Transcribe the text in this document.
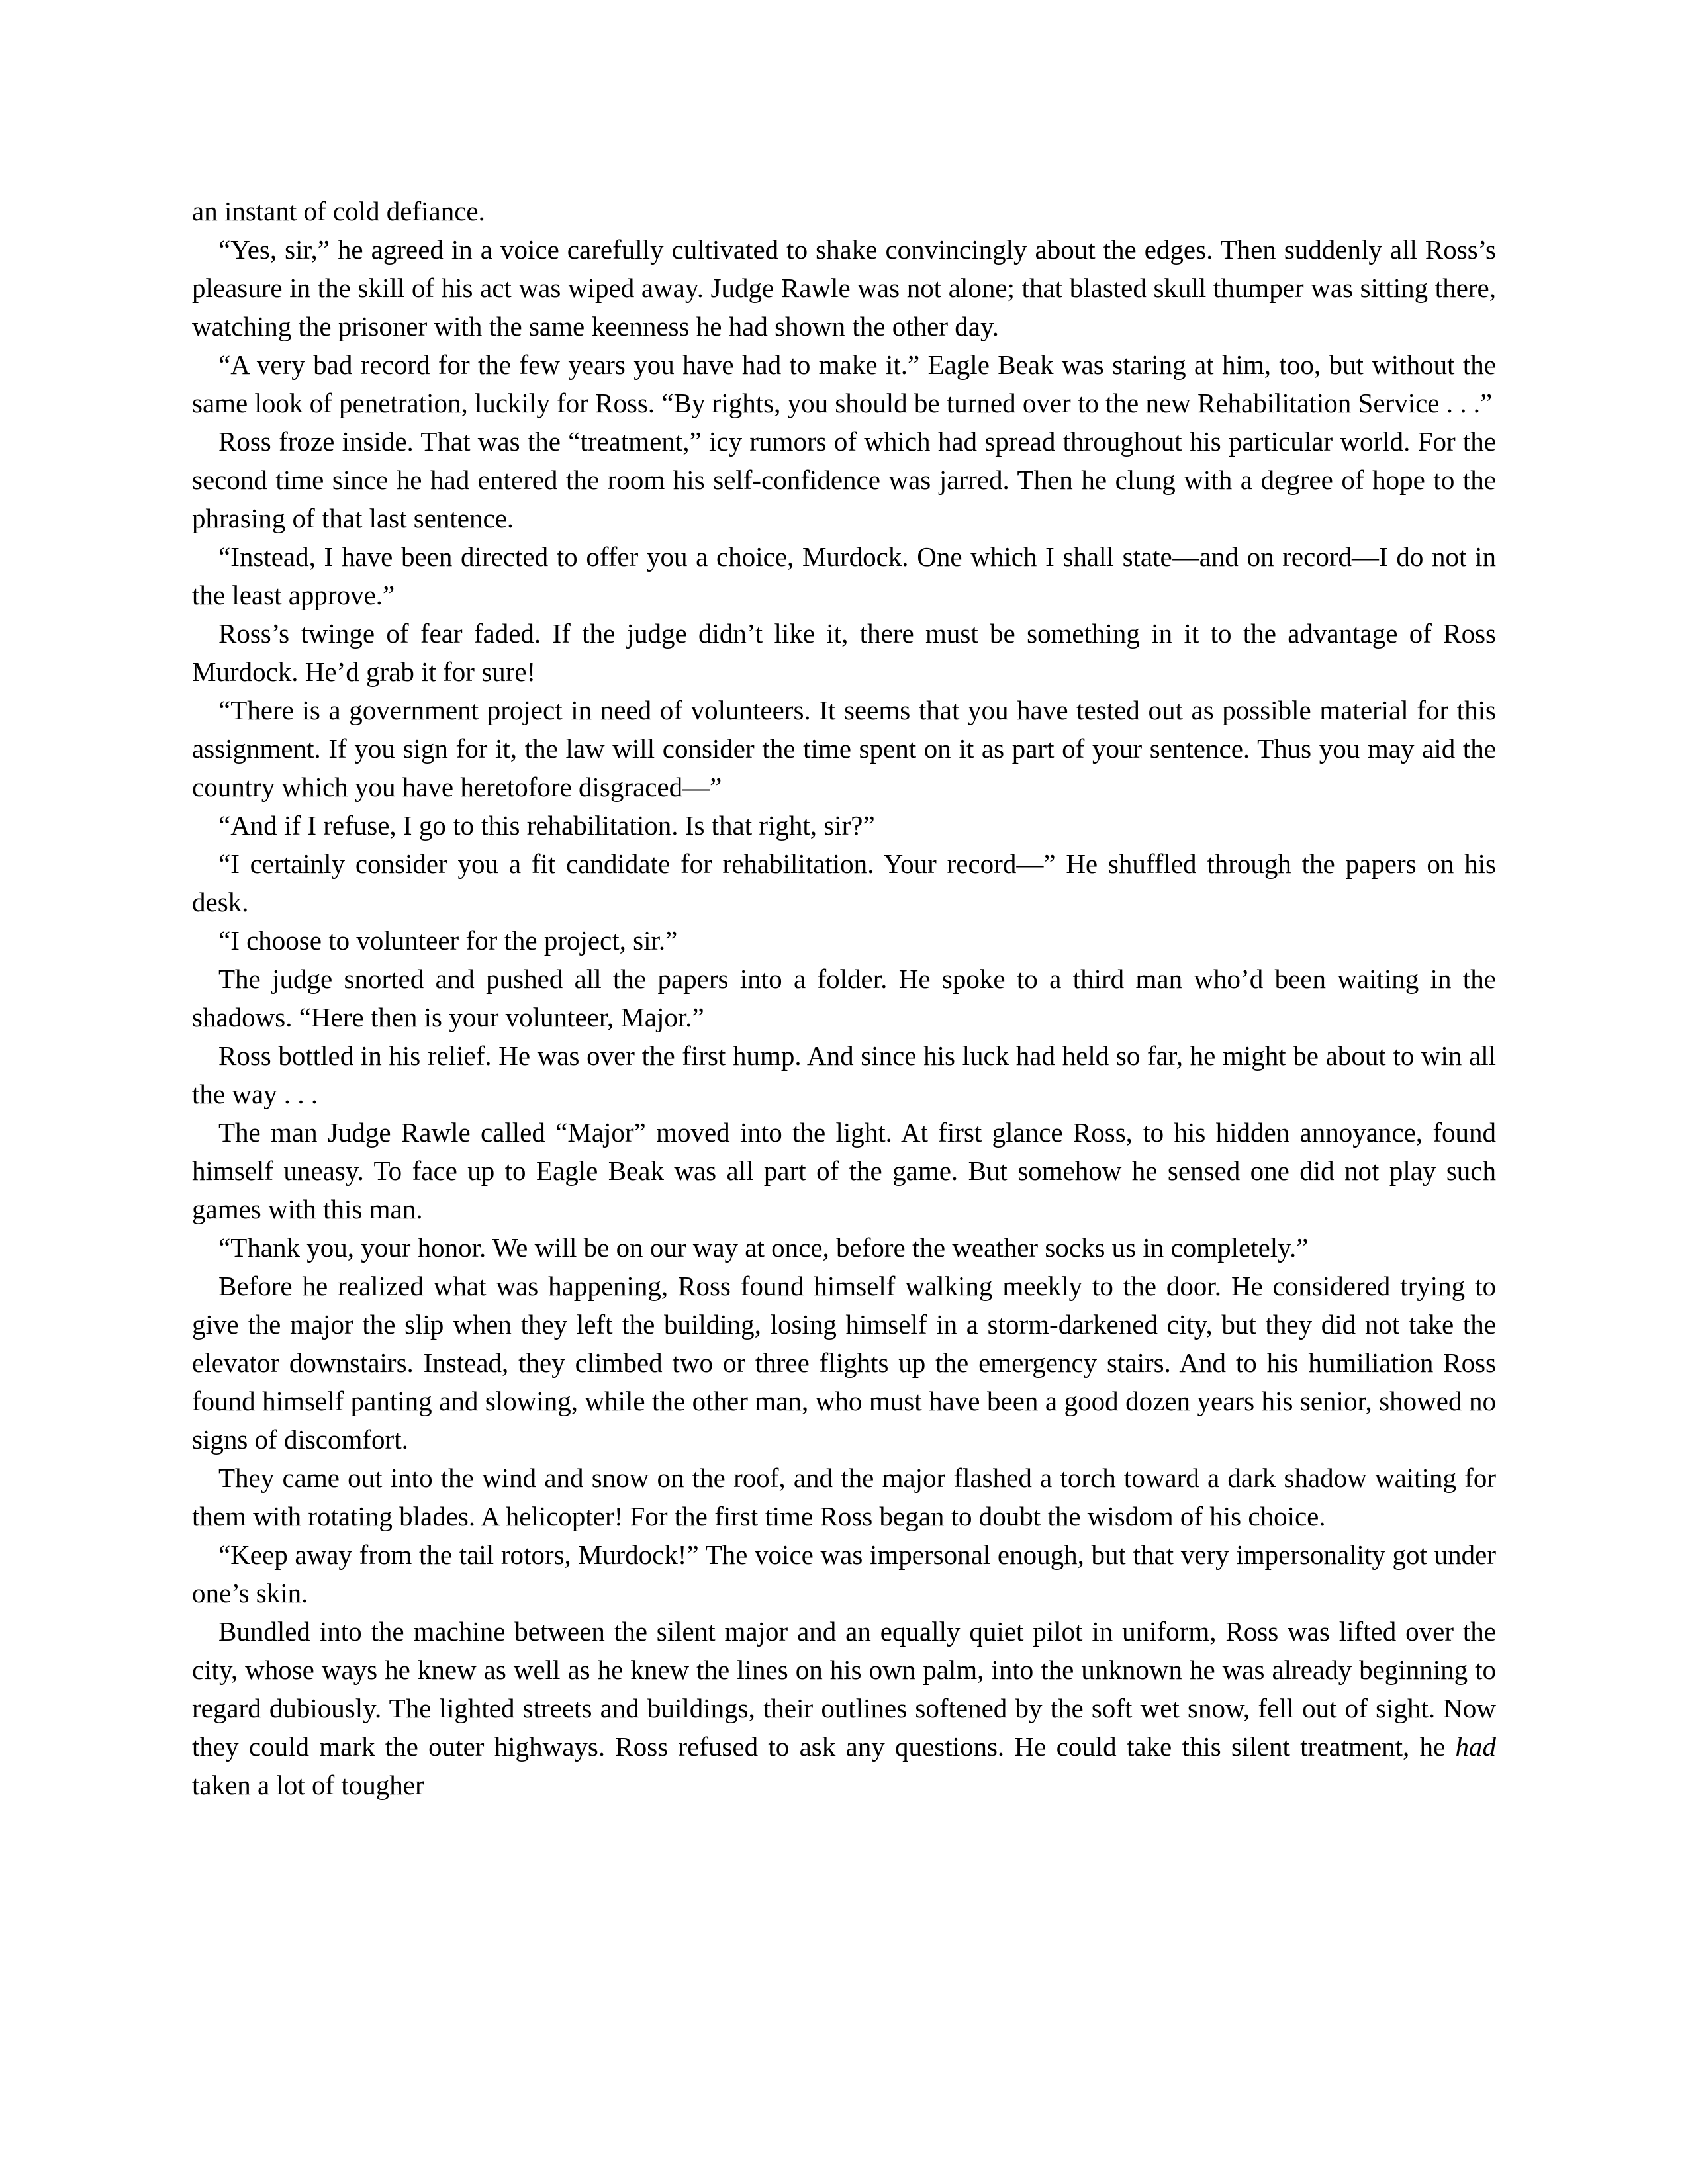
an instant of cold defiance.

“Yes, sir,” he agreed in a voice carefully cultivated to shake convincingly about the edges. Then suddenly all Ross’s pleasure in the skill of his act was wiped away. Judge Rawle was not alone; that blasted skull thumper was sitting there, watching the prisoner with the same keenness he had shown the other day.

“A very bad record for the few years you have had to make it.” Eagle Beak was staring at him, too, but without the same look of penetration, luckily for Ross. “By rights, you should be turned over to the new Rehabilitation Service . . .”

Ross froze inside. That was the “treatment,” icy rumors of which had spread throughout his particular world. For the second time since he had entered the room his self-confidence was jarred. Then he clung with a degree of hope to the phrasing of that last sentence.

“Instead, I have been directed to offer you a choice, Murdock. One which I shall state—and on record—I do not in the least approve.”

Ross’s twinge of fear faded. If the judge didn’t like it, there must be something in it to the advantage of Ross Murdock. He’d grab it for sure!

“There is a government project in need of volunteers. It seems that you have tested out as possible material for this assignment. If you sign for it, the law will consider the time spent on it as part of your sentence. Thus you may aid the country which you have heretofore disgraced—”

“And if I refuse, I go to this rehabilitation. Is that right, sir?”

“I certainly consider you a fit candidate for rehabilitation. Your record—” He shuffled through the papers on his desk.

“I choose to volunteer for the project, sir.”

The judge snorted and pushed all the papers into a folder. He spoke to a third man who’d been waiting in the shadows. “Here then is your volunteer, Major.”

Ross bottled in his relief. He was over the first hump. And since his luck had held so far, he might be about to win all the way . . .

The man Judge Rawle called “Major” moved into the light. At first glance Ross, to his hidden annoyance, found himself uneasy. To face up to Eagle Beak was all part of the game. But somehow he sensed one did not play such games with this man.

“Thank you, your honor. We will be on our way at once, before the weather socks us in completely.”

Before he realized what was happening, Ross found himself walking meekly to the door. He considered trying to give the major the slip when they left the building, losing himself in a storm-darkened city, but they did not take the elevator downstairs. Instead, they climbed two or three flights up the emergency stairs. And to his humiliation Ross found himself panting and slowing, while the other man, who must have been a good dozen years his senior, showed no signs of discomfort.

They came out into the wind and snow on the roof, and the major flashed a torch toward a dark shadow waiting for them with rotating blades. A helicopter! For the first time Ross began to doubt the wisdom of his choice.

“Keep away from the tail rotors, Murdock!” The voice was impersonal enough, but that very impersonality got under one’s skin.

Bundled into the machine between the silent major and an equally quiet pilot in uniform, Ross was lifted over the city, whose ways he knew as well as he knew the lines on his own palm, into the unknown he was already beginning to regard dubiously. The lighted streets and buildings, their outlines softened by the soft wet snow, fell out of sight. Now they could mark the outer highways. Ross refused to ask any questions. He could take this silent treatment, he had taken a lot of tougher
